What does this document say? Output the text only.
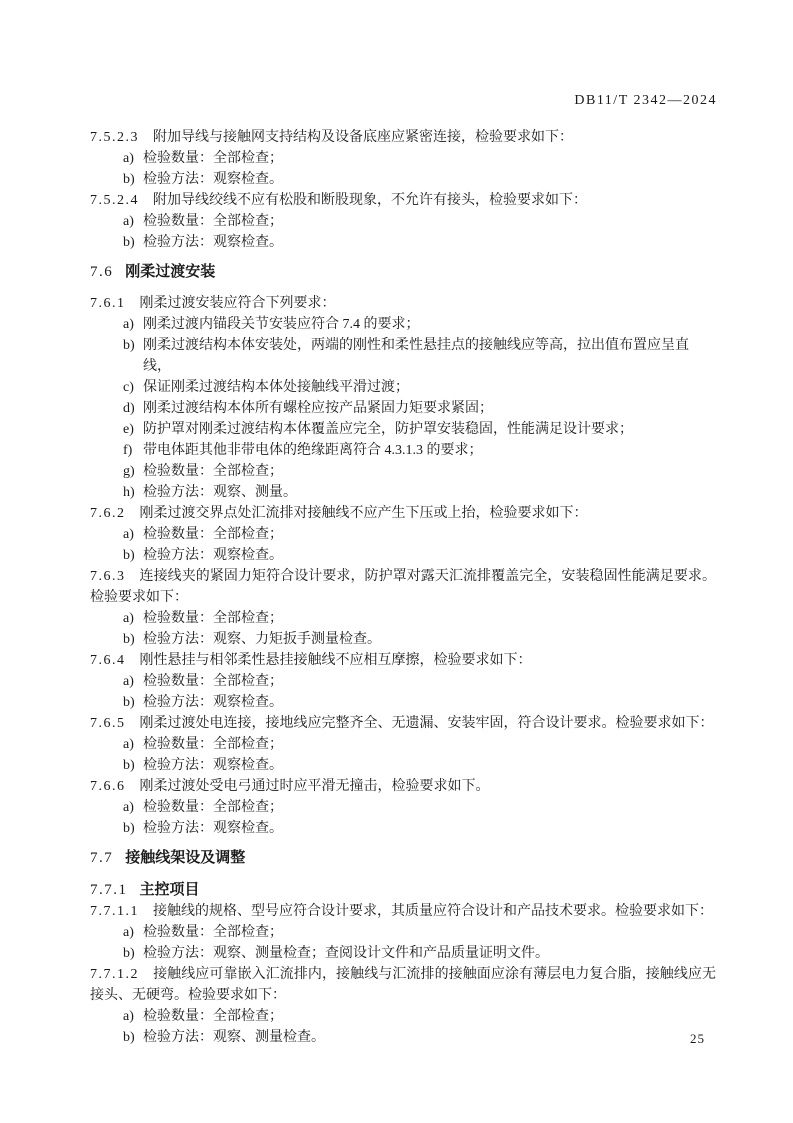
DB11/T 2342—2024

7.5.2.3 附加导线与接触网支持结构及设备底座应紧密连接，检验要求如下：

a) 检验数量：全部检查；
b) 检验方法：观察检查。

7.5.2.4 附加导线绞线不应有松股和断股现象，不允许有接头，检验要求如下：

a) 检验数量：全部检查；
b) 检验方法：观察检查。
7.6 刚柔过渡安装

7.6.1 刚柔过渡安装应符合下列要求：

a) 刚柔过渡内锚段关节安装应符合 7.4 的要求；
b) 刚柔过渡结构本体安装处，两端的刚性和柔性悬挂点的接触线应等高，拉出值布置应呈直线，
c) 保证刚柔过渡结构本体处接触线平滑过渡；
d) 刚柔过渡结构本体所有螺栓应按产品紧固力矩要求紧固；
e) 防护罩对刚柔过渡结构本体覆盖应完全，防护罩安装稳固，性能满足设计要求；
f) 带电体距其他非带电体的绝缘距离符合 4.3.1.3 的要求；
g) 检验数量：全部检查；
h) 检验方法：观察、测量。

7.6.2 刚柔过渡交界点处汇流排对接触线不应产生下压或上抬，检验要求如下：

a) 检验数量：全部检查；
b) 检验方法：观察检查。

7.6.3 连接线夹的紧固力矩符合设计要求，防护罩对露天汇流排覆盖完全，安装稳固性能满足要求。检验要求如下：

a) 检验数量：全部检查；
b) 检验方法：观察、力矩扳手测量检查。

7.6.4 刚性悬挂与相邻柔性悬挂接触线不应相互摩擦，检验要求如下：

a) 检验数量：全部检查；
b) 检验方法：观察检查。

7.6.5 刚柔过渡处电连接，接地线应完整齐全、无遗漏、安装牢固，符合设计要求。检验要求如下：

a) 检验数量：全部检查；
b) 检验方法：观察检查。

7.6.6 刚柔过渡处受电弓通过时应平滑无撞击，检验要求如下。

a) 检验数量：全部检查；
b) 检验方法：观察检查。
7.7 接触线架设及调整
7.7.1 主控项目

7.7.1.1 接触线的规格、型号应符合设计要求，其质量应符合设计和产品技术要求。检验要求如下：

a) 检验数量：全部检查；
b) 检验方法：观察、测量检查；查阅设计文件和产品质量证明文件。

7.7.1.2 接触线应可靠嵌入汇流排内，接触线与汇流排的接触面应涂有薄层电力复合脂，接触线应无接头、无硬弯。检验要求如下：

a) 检验数量：全部检查；
b) 检验方法：观察、测量检查。	25
